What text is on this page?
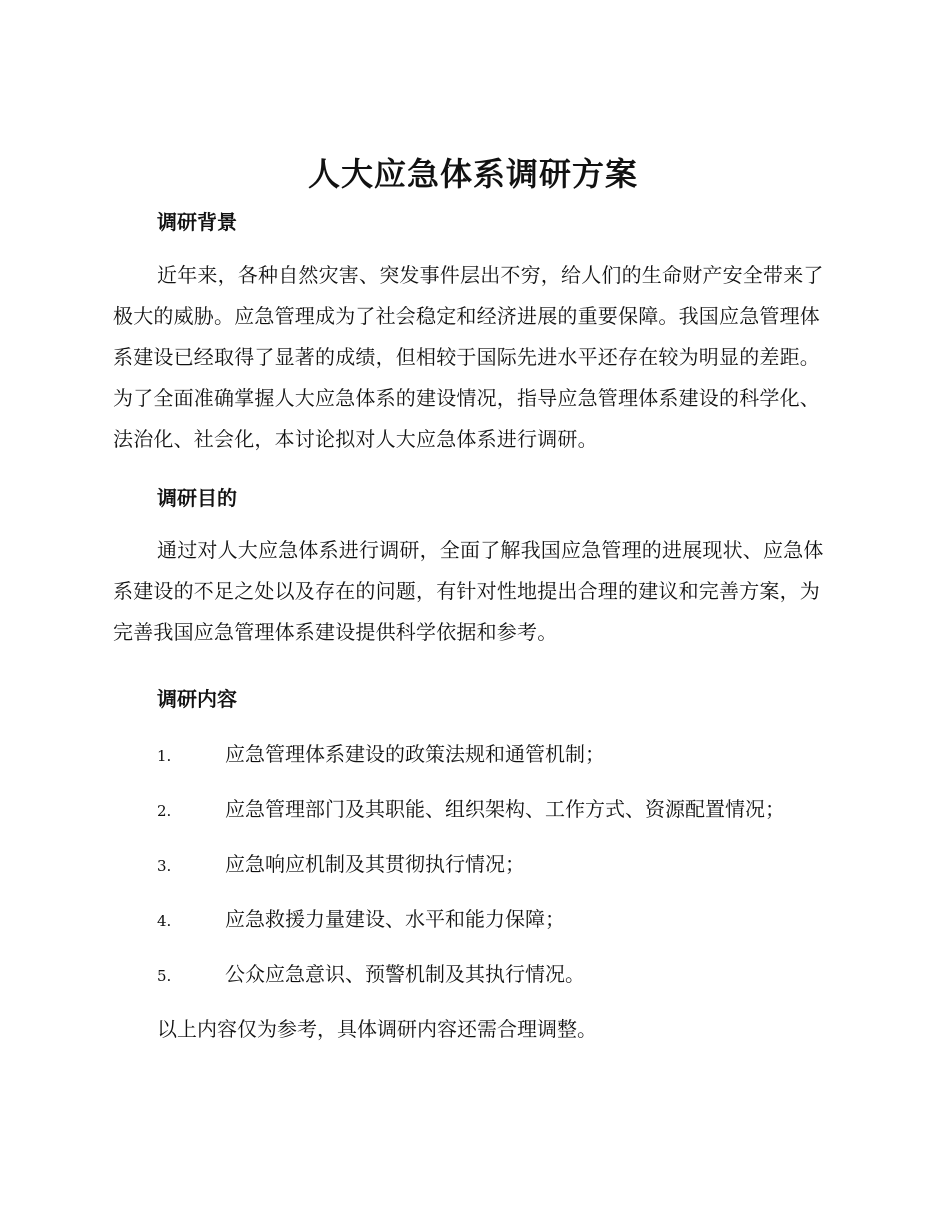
人大应急体系调研方案
调研背景

近年来，各种自然灾害、突发事件层出不穷，给人们的生命财产安全带来了极大的威胁。应急管理成为了社会稳定和经济进展的重要保障。我国应急管理体系建设已经取得了显著的成绩，但相较于国际先进水平还存在较为明显的差距。为了全面准确掌握人大应急体系的建设情况，指导应急管理体系建设的科学化、法治化、社会化，本讨论拟对人大应急体系进行调研。

调研目的

通过对人大应急体系进行调研，全面了解我国应急管理的进展现状、应急体系建设的不足之处以及存在的问题，有针对性地提出合理的建议和完善方案，为完善我国应急管理体系建设提供科学依据和参考。

调研内容
1.	应急管理体系建设的政策法规和通管机制；
2.	应急管理部门及其职能、组织架构、工作方式、资源配置情况；
3.	应急响应机制及其贯彻执行情况；
4.	应急救援力量建设、水平和能力保障；
5.	公众应急意识、预警机制及其执行情况。

以上内容仅为参考，具体调研内容还需合理调整。
